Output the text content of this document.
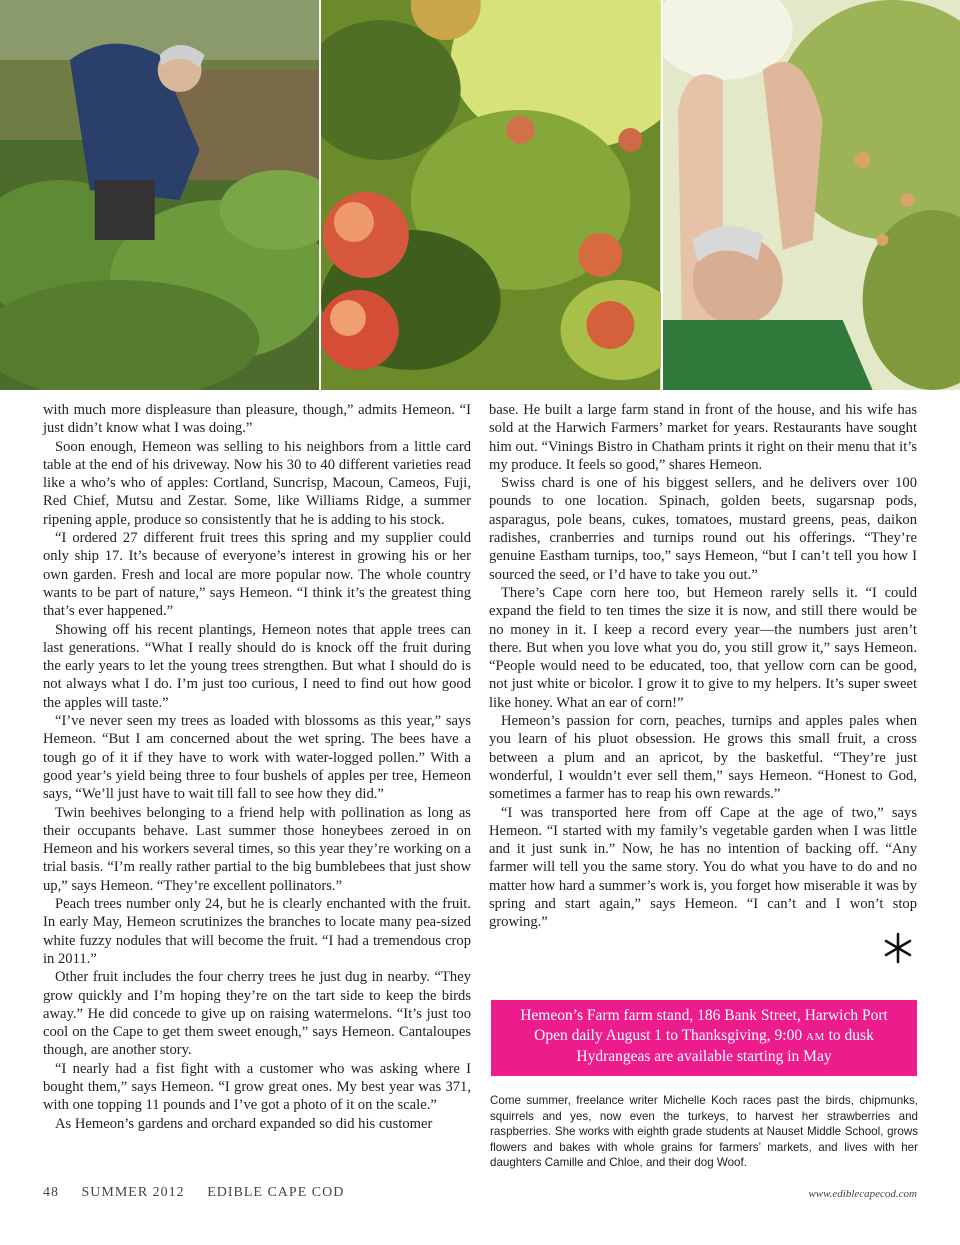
with much more displeasure than pleasure, though,” admits Hemeon. “I just didn’t know what I was doing.”

Soon enough, Hemeon was selling to his neighbors from a little card table at the end of his driveway. Now his 30 to 40 different varieties read like a who’s who of apples: Cortland, Suncrisp, Macoun, Cameos, Fuji, Red Chief, Mutsu and Zestar. Some, like Williams Ridge, a summer ripening apple, produce so consistently that he is adding to his stock.

“I ordered 27 different fruit trees this spring and my supplier could only ship 17. It’s because of everyone’s interest in growing his or her own garden. Fresh and local are more popular now. The whole country wants to be part of nature,” says Hemeon. “I think it’s the greatest thing that’s ever happened.”

Showing off his recent plantings, Hemeon notes that apple trees can last generations. “What I really should do is knock off the fruit during the early years to let the young trees strengthen. But what I should do is not always what I do. I’m just too curious, I need to find out how good the apples will taste.”

“I’ve never seen my trees as loaded with blossoms as this year,” says Hemeon. “But I am concerned about the wet spring. The bees have a tough go of it if they have to work with water-logged pollen.” With a good year’s yield being three to four bushels of apples per tree, Hemeon says, “We’ll just have to wait till fall to see how they did.”

Twin beehives belonging to a friend help with pollination as long as their occupants behave. Last summer those honeybees zeroed in on Hemeon and his workers several times, so this year they’re working on a trial basis. “I’m really rather partial to the big bumblebees that just show up,” says Hemeon. “They’re excellent pollinators.”

Peach trees number only 24, but he is clearly enchanted with the fruit. In early May, Hemeon scrutinizes the branches to locate many pea-sized white fuzzy nodules that will become the fruit. “I had a tremendous crop in 2011.”

Other fruit includes the four cherry trees he just dug in nearby. “They grow quickly and I’m hoping they’re on the tart side to keep the birds away.” He did concede to give up on raising watermelons. “It’s just too cool on the Cape to get them sweet enough,” says Hemeon. Cantaloupes though, are another story.

“I nearly had a fist fight with a customer who was asking where I bought them,” says Hemeon. “I grow great ones. My best year was 371, with one topping 11 pounds and I’ve got a photo of it on the scale.”

As Hemeon’s gardens and orchard expanded so did his customer

base. He built a large farm stand in front of the house, and his wife has sold at the Harwich Farmers’ market for years. Restaurants have sought him out. “Vinings Bistro in Chatham prints it right on their menu that it’s my produce. It feels so good,” shares Hemeon.

Swiss chard is one of his biggest sellers, and he delivers over 100 pounds to one location. Spinach, golden beets, sugarsnap pods, asparagus, pole beans, cukes, tomatoes, mustard greens, peas, daikon radishes, cranberries and turnips round out his offerings. “They’re genuine Eastham turnips, too,” says Hemeon, “but I can’t tell you how I sourced the seed, or I’d have to take you out.”

There’s Cape corn here too, but Hemeon rarely sells it. “I could expand the field to ten times the size it is now, and still there would be no money in it. I keep a record every year—the numbers just aren’t there. But when you love what you do, you still grow it,” says Hemeon. “People would need to be educated, too, that yellow corn can be good, not just white or bicolor. I grow it to give to my helpers. It’s super sweet like honey. What an ear of corn!”

Hemeon’s passion for corn, peaches, turnips and apples pales when you learn of his pluot obsession. He grows this small fruit, a cross between a plum and an apricot, by the basketful. “They’re just wonderful, I wouldn’t ever sell them,” says Hemeon. “Honest to God, sometimes a farmer has to reap his own rewards.”

“I was transported here from off Cape at the age of two,” says Hemeon. “I started with my family’s vegetable garden when I was little and it just sunk in.” Now, he has no intention of backing off. “Any farmer will tell you the same story. You do what you have to do and no matter how hard a summer’s work is, you forget how miserable it was by spring and start again,” says Hemeon. “I can’t and I won’t stop growing.”

Hemeon’s Farm farm stand, 186 Bank Street, Harwich Port
Open daily August 1 to Thanksgiving, 9:00 AM to dusk
Hydrangeas are available starting in May
Come summer, freelance writer Michelle Koch races past the birds, chipmunks, squirrels and yes, now even the turkeys, to harvest her strawberries and raspberries. She works with eighth grade students at Nauset Middle School, grows flowers and bakes with whole grains for farmers’ markets, and lives with her daughters Camille and Chloe, and their dog Woof.
48 SUMMER 2012 EDIBLE CAPE COD	www.ediblecapecod.com
